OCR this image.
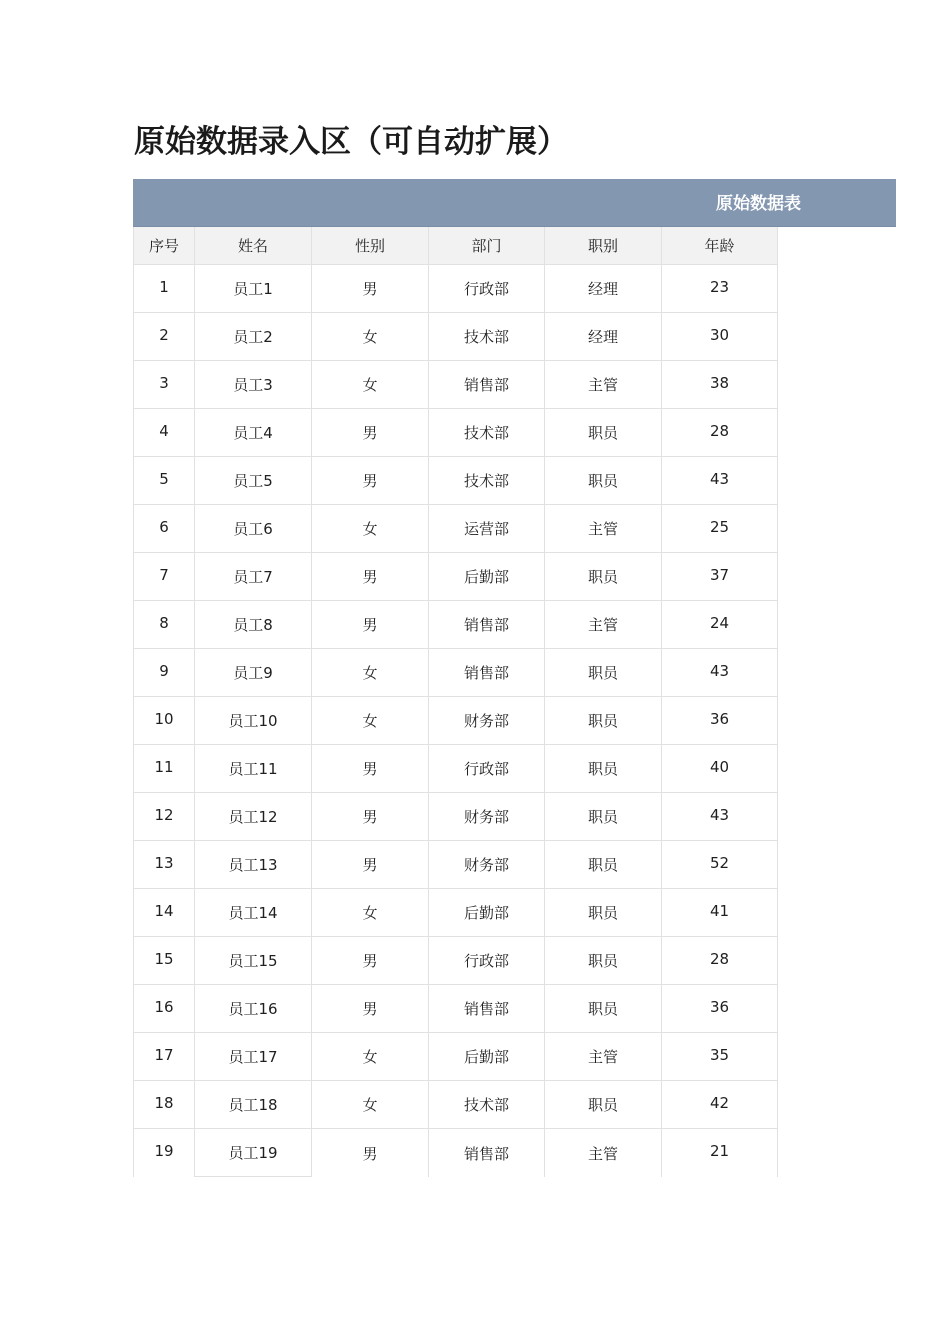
原始数据录入区（可自动扩展）
原始数据表
序号	姓名	性别	部门	职别	年龄
1	员工1	男	行政部	经理	23
2	员工2	女	技术部	经理	30
3	员工3	女	销售部	主管	38
4	员工4	男	技术部	职员	28
5	员工5	男	技术部	职员	43
6	员工6	女	运营部	主管	25
7	员工7	男	后勤部	职员	37
8	员工8	男	销售部	主管	24
9	员工9	女	销售部	职员	43
10	员工10	女	财务部	职员	36
11	员工11	男	行政部	职员	40
12	员工12	男	财务部	职员	43
13	员工13	男	财务部	职员	52
14	员工14	女	后勤部	职员	41
15	员工15	男	行政部	职员	28
16	员工16	男	销售部	职员	36
17	员工17	女	后勤部	主管	35
18	员工18	女	技术部	职员	42
19	员工19	男	销售部	主管	21
